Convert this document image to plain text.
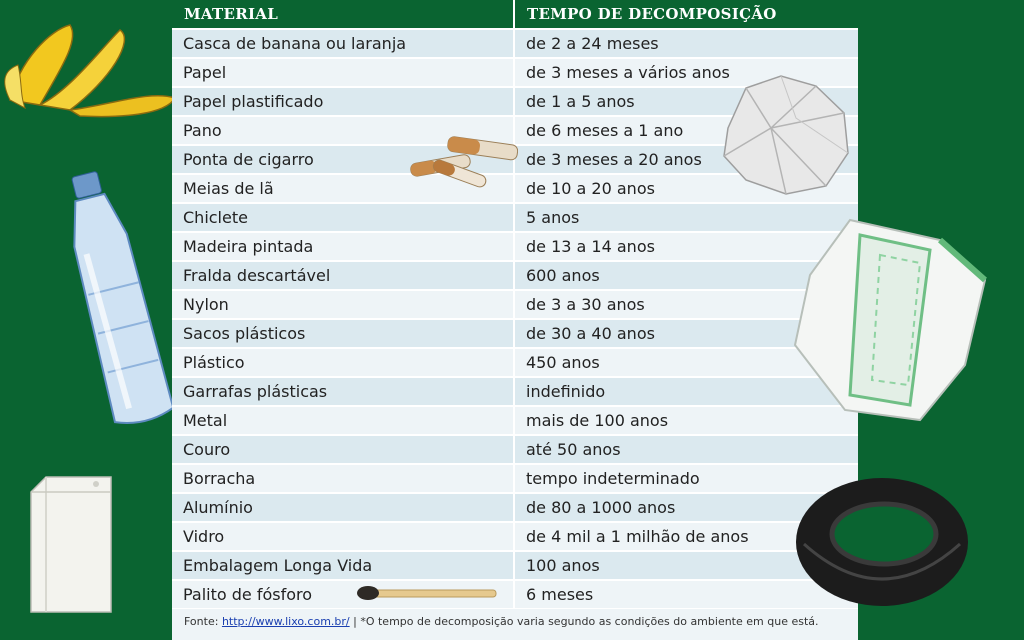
MATERIAL	TEMPO DE DECOMPOSIÇÃO
Casca de banana ou laranja	de 2 a 24 meses
Papel	de 3 meses a vários anos
Papel plastificado	de 1 a 5 anos
Pano	de 6 meses a 1 ano
Ponta de cigarro	de 3 meses a 20 anos
Meias de lã	de 10 a 20 anos
Chiclete	5 anos
Madeira pintada	de 13 a 14 anos
Fralda descartável	600 anos
Nylon	de 3 a 30 anos
Sacos plásticos	de 30 a 40 anos
Plástico	450 anos
Garrafas plásticas	indefinido
Metal	mais de 100 anos
Couro	até 50 anos
Borracha	tempo indeterminado
Alumínio	de 80 a 1000 anos
Vidro	de 4 mil a 1 milhão de anos
Embalagem Longa Vida	100 anos
Palito de fósforo	6 meses
Fonte: http://www.lixo.com.br/ | *O tempo de decomposição varia segundo as condições do ambiente em que está.
